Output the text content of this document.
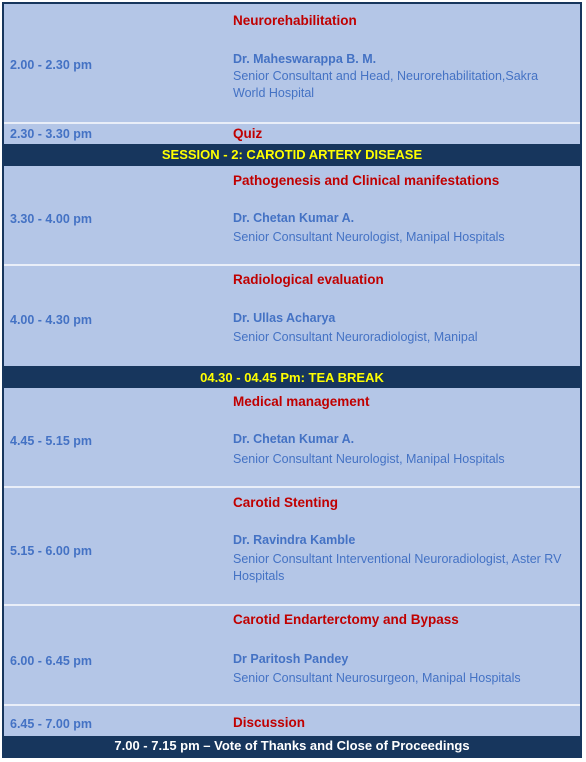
2.00 - 2.30 pm
Neurorehabilitation
Dr. Maheswarappa B. M.
Senior Consultant and Head, Neurorehabilitation,Sakra World Hospital
2.30 - 3.30 pm	Quiz
SESSION - 2: CAROTID ARTERY DISEASE
3.30 - 4.00 pm
Pathogenesis and Clinical manifestations
Dr. Chetan Kumar A.
Senior Consultant Neurologist, Manipal Hospitals
4.00 - 4.30 pm
Radiological evaluation
Dr. Ullas Acharya
Senior Consultant Neuroradiologist, Manipal
04.30 - 04.45 Pm: TEA BREAK
4.45 - 5.15 pm
Medical management
Dr. Chetan Kumar A.
Senior Consultant Neurologist, Manipal Hospitals
5.15 - 6.00 pm
Carotid Stenting
Dr. Ravindra Kamble
Senior Consultant Interventional Neuroradiologist, Aster RV Hospitals
6.00 - 6.45 pm
Carotid Endarterctomy and Bypass
Dr Paritosh Pandey
Senior Consultant Neurosurgeon, Manipal Hospitals
6.45 - 7.00 pm	Discussion
7.00 - 7.15 pm – Vote of Thanks and Close of Proceedings
